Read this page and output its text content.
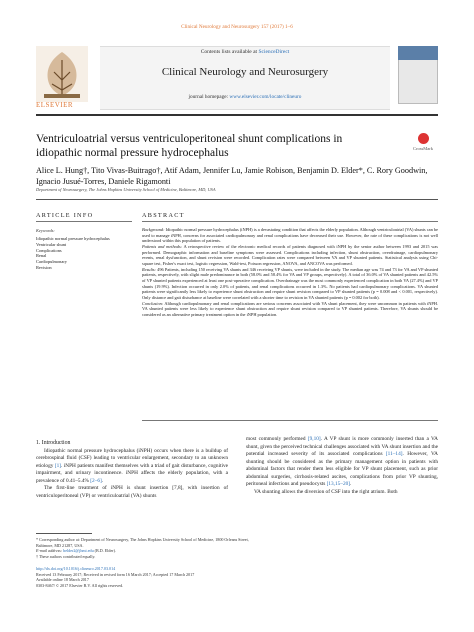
Clinical Neurology and Neurosurgery 157 (2017) 1–6
ELSEVIER
Contents lists available at ScienceDirect
Clinical Neurology and Neurosurgery
journal homepage: www.elsevier.com/locate/clineuro
Ventriculoatrial versus ventriculoperitoneal shunt complications in idiopathic normal pressure hydrocephalus	CrossMark
Alice L. Hung†, Tito Vivas-Buitrago†, Atif Adam, Jennifer Lu, Jamie Robison, Benjamin D. Elder*, C. Rory Goodwin, Ignacio Jusué-Torres, Daniele Rigamonti
Department of Neurosurgery, The Johns Hopkins University School of Medicine, Baltimore, MD, USA
ARTICLE INFO	ABSTRACT
Keywords:
Idiopathic normal pressure hydrocephalus
Ventricular shunt
Complications
Renal
Cardiopulmonary
Revision

Background: Idiopathic normal pressure hydrocephalus (iNPH) is a devastating condition that affects the elderly population. Although ventriculoatrial (VA) shunts can be used to manage iNPH, concerns for associated cardiopulmonary and renal complications have decreased their use. However, the rate of these complications is not well understood within this population of patients.

Patients and methods: A retrospective review of the electronic medical records of patients diagnosed with iNPH by the senior author between 1993 and 2015 was performed. Demographic information and baseline symptoms were assessed. Complications including infection, shunt obstruction, overdrainage, cardiopulmonary events, renal dysfunction, and shunt revision were recorded. Complication rates were compared between VA and VP shunted patients. Statistical analysis using Chi-square test, Fisher's exact test, logistic regression, Wald-test, Poisson regression, ANOVA, and ANCOVA was performed.

Results: 496 Patients, including 150 receiving VA shunts and 346 receiving VP shunts, were included in the study. The median age was 74 and 73 for VA and VP shunted patients, respectively, with slight male predominance in both (58.0% and 58.4% for VA and VP groups, respectively). A total of 36.0% of VA shunted patients and 42.5% of VP shunted patients experienced at least one post-operative complication. Overdrainage was the most commonly experienced complication in both VA (27.4%) and VP shunts (19.9%). Infection occurred in only 2.0% of patients, and renal complications occurred in 1.3%. No patients had cardiopulmonary complications. VA shunted patients were significantly less likely to experience shunt obstruction and require shunt revision compared to VP shunted patients (p = 0.008 and < 0.001, respectively). Only distance and gait disturbance at baseline were correlated with a shorter time to revision in VA shunted patients (p = 0.002 for both).

Conclusion: Although cardiopulmonary and renal complications are serious concerns associated with VA shunt placement, they were uncommon in patients with iNPH. VA shunted patients were less likely to experience shunt obstruction and require shunt revision compared to VP shunted patients. Therefore, VA shunts should be considered as an alternative primary treatment option in the iNPH population.

1. Introduction

Idiopathic normal pressure hydrocephalus (iNPH) occurs when there is a buildup of cerebrospinal fluid (CSF) leading to ventricular enlargement, secondary to an unknown etiology [1]. iNPH patients manifest themselves with a triad of gait disturbance, cognitive impairment, and urinary incontinence. iNPH affects the elderly population, with a prevalence of 0.41–5.4% [2–6].

The first-line treatment of iNPH is shunt insertion [7,8], with insertion of ventriculoperitoneal (VP) or ventriculoatrial (VA) shunts

most commonly performed [9,10]. A VP shunt is more commonly inserted than a VA shunt, given the perceived technical challenges associated with VA shunt insertion and the potential increased severity of its associated complications [11–14]. However, VA shunting should be considered as the primary management option in patients with abdominal factors that render them less eligible for VP shunt placement, such as prior abdominal surgeries, cirrhosis-related ascites, complications from prior VP shunting, peritoneal infections and pseudocysts [13,15–20].

VA shunting allows the diversion of CSF into the right atrium. Both

* Corresponding author at: Department of Neurosurgery, The Johns Hopkins University School of Medicine, 1800 Orleans Street, Baltimore, MD 21287, USA.
E-mail address: belder2@jhmi.edu (B.D. Elder).
† These authors contributed equally.
http://dx.doi.org/10.1016/j.clineuro.2017.03.014
Received 13 February 2017; Received in revised form 16 March 2017; Accepted 17 March 2017
Available online 18 March 2017
0303-8467/ © 2017 Elsevier B.V. All rights reserved.
